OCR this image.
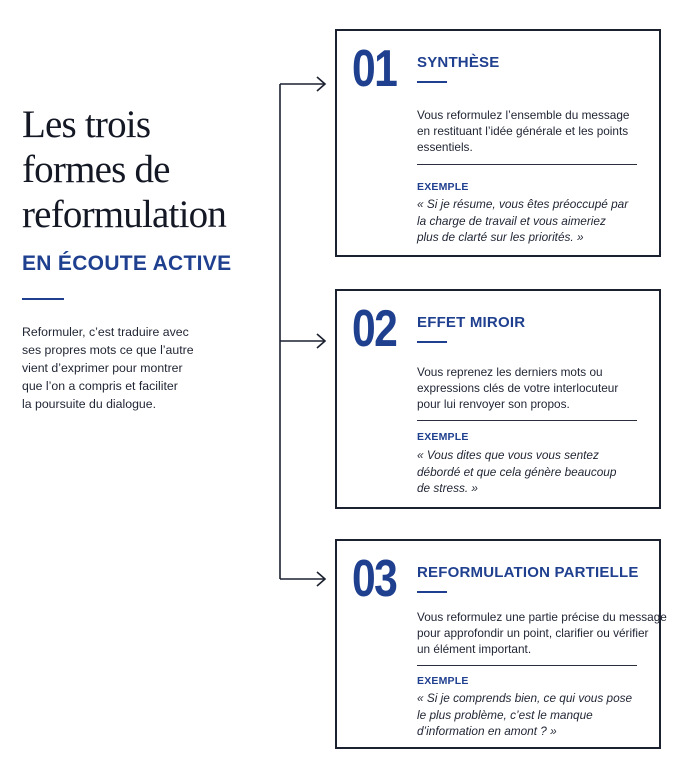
Les trois
formes de
reformulation
EN ÉCOUTE ACTIVE

Reformuler, c’est traduire avec
ses propres mots ce que l’autre
vient d’exprimer pour montrer
que l’on a compris et faciliter
la poursuite du dialogue.

01 SYNTHÈSE
Vous reformulez l’ensemble du message
en restituant l’idée générale et les points
essentiels.
EXEMPLE
« Si je résume, vous êtes préoccupé par
la charge de travail et vous aimeriez
plus de clarté sur les priorités. »
02 EFFET MIROIR
Vous reprenez les derniers mots ou
expressions clés de votre interlocuteur
pour lui renvoyer son propos.
EXEMPLE
« Vous dites que vous vous sentez
débordé et que cela génère beaucoup
de stress. »
03 REFORMULATION PARTIELLE
Vous reformulez une partie précise du message
pour approfondir un point, clarifier ou vérifier
un élément important.
EXEMPLE
« Si je comprends bien, ce qui vous pose
le plus problème, c’est le manque
d’information en amont ? »
